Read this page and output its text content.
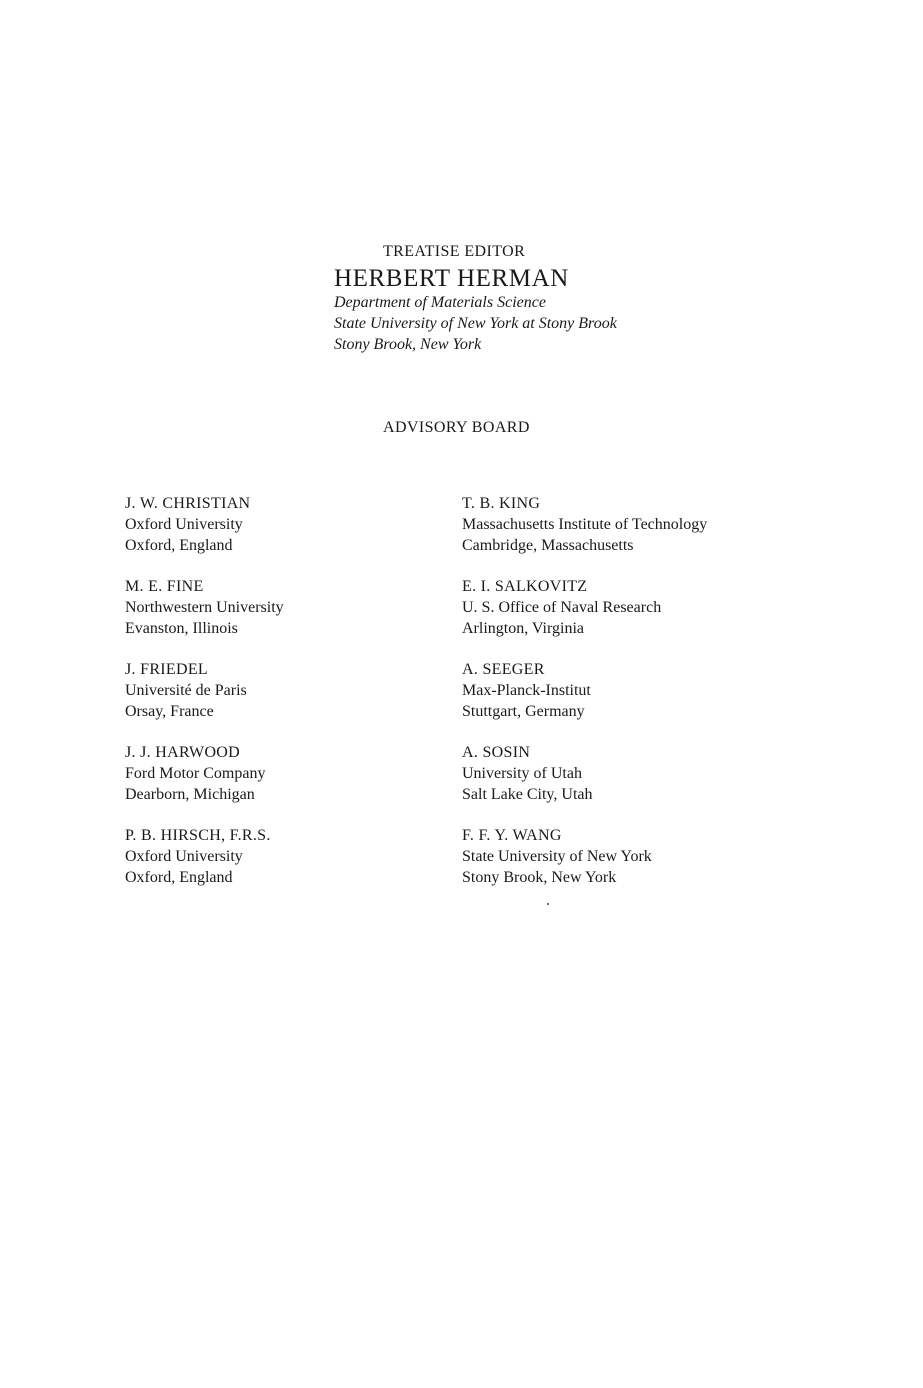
TREATISE EDITOR
HERBERT HERMAN
Department of Materials Science
State University of New York at Stony Brook
Stony Brook, New York
ADVISORY BOARD
J. W. CHRISTIAN
Oxford University
Oxford, England
M. E. FINE
Northwestern University
Evanston, Illinois
J. FRIEDEL
Université de Paris
Orsay, France
J. J. HARWOOD
Ford Motor Company
Dearborn, Michigan
P. B. HIRSCH, F.R.S.
Oxford University
Oxford, England
T. B. KING
Massachusetts Institute of Technology
Cambridge, Massachusetts
E. I. SALKOVITZ
U. S. Office of Naval Research
Arlington, Virginia
A. SEEGER
Max-Planck-Institut
Stuttgart, Germany
A. SOSIN
University of Utah
Salt Lake City, Utah
F. F. Y. WANG
State University of New York
Stony Brook, New York
